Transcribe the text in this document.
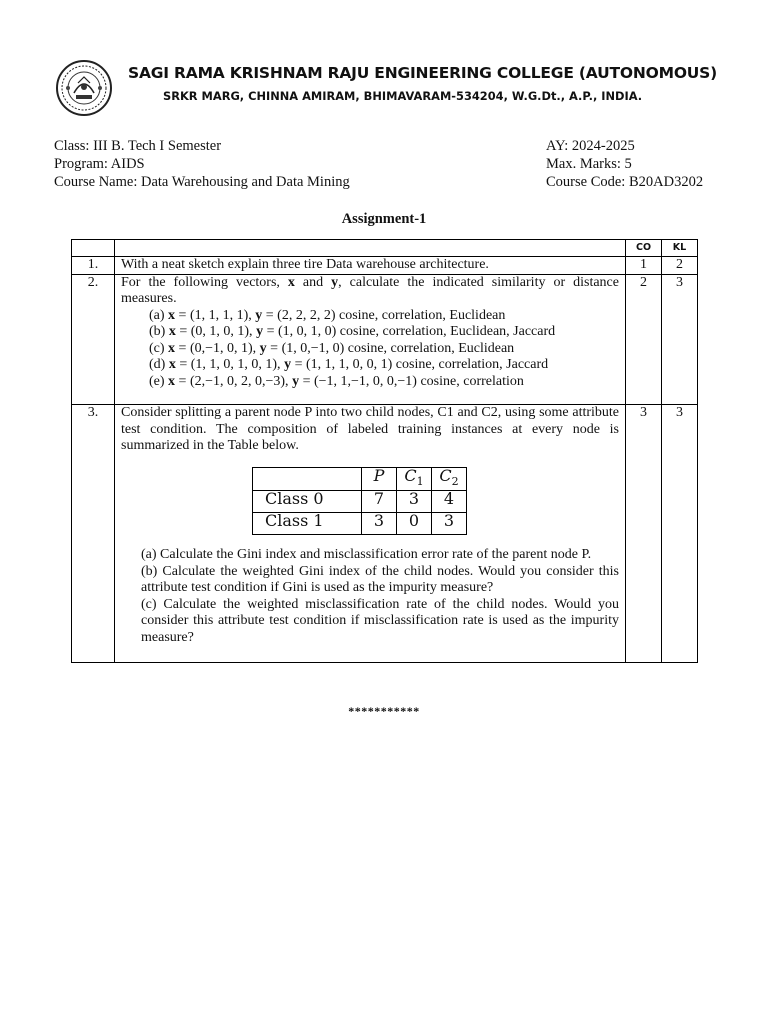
SAGI RAMA KRISHNAM RAJU ENGINEERING COLLEGE (AUTONOMOUS)
SRKR MARG, CHINNA AMIRAM, BHIMAVARAM-534204, W.G.Dt., A.P., INDIA.
Class: III B. Tech I Semester
Program: AIDS
Course Name: Data Warehousing and Data Mining
AY: 2024-2025
Max. Marks: 5
Course Code: B20AD3202
Assignment-1
		CO	KL
1.	With a neat sketch explain three tire Data warehouse architecture.	1	2
2.	For the following vectors, x and y, calculate the indicated similarity or distance measures.
(a) x = (1, 1, 1, 1), y = (2, 2, 2, 2) cosine, correlation, Euclidean
(b) x = (0, 1, 0, 1), y = (1, 0, 1, 0) cosine, correlation, Euclidean, Jaccard
(c) x = (0,−1, 0, 1), y = (1, 0,−1, 0) cosine, correlation, Euclidean
(d) x = (1, 1, 0, 1, 0, 1), y = (1, 1, 1, 0, 0, 1) cosine, correlation, Jaccard
(e) x = (2,−1, 0, 2, 0,−3), y = (−1, 1,−1, 0, 0,−1) cosine, correlation
	2	3
3.	Consider splitting a parent node P into two child nodes, C1 and C2, using some attribute test condition. The composition of labeled training instances at every node is summarized in the Table below.
	P	$C_1$	$C_2$
Class 0	7	3	4
Class 1	3	0	3
(a) Calculate the Gini index and misclassification error rate of the parent node P.
(b) Calculate the weighted Gini index of the child nodes. Would you consider this attribute test condition if Gini is used as the impurity measure?
(c) Calculate the weighted misclassification rate of the child nodes. Would you consider this attribute test condition if misclassification rate is used as the impurity measure?
	3	3
***********
